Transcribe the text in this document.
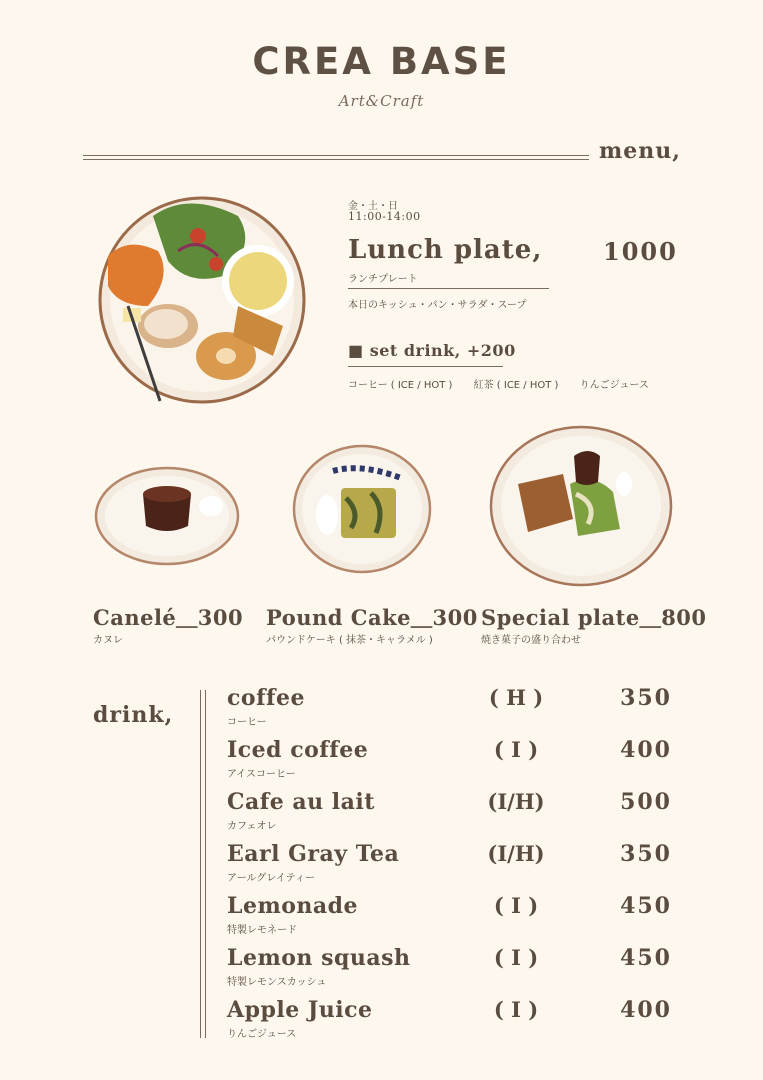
CREA BASE
Art&Craft
menu,
金・土・日
11:00-14:00
Lunch plate,	1000
ランチプレート
本日のキッシュ・パン・サラダ・スープ
■ set drink, +200
コーヒー ( ICE / HOT ) 紅茶 ( ICE / HOT ) りんごジュース
Canelé＿300
カヌレ
Pound Cake＿300
パウンドケーキ ( 抹茶・キャラメル )
Special plate＿800
焼き菓子の盛り合わせ
drink,
coffee
コーヒー
( H )	350
Iced coffee
アイスコーヒー
( I )	400
Cafe au lait
カフェオレ
(I/H)	500
Earl Gray Tea
アールグレイティー
(I/H)	350
Lemonade
特製レモネード
( I )	450
Lemon squash
特製レモンスカッシュ
( I )	450
Apple Juice
りんごジュース
( I )	400
